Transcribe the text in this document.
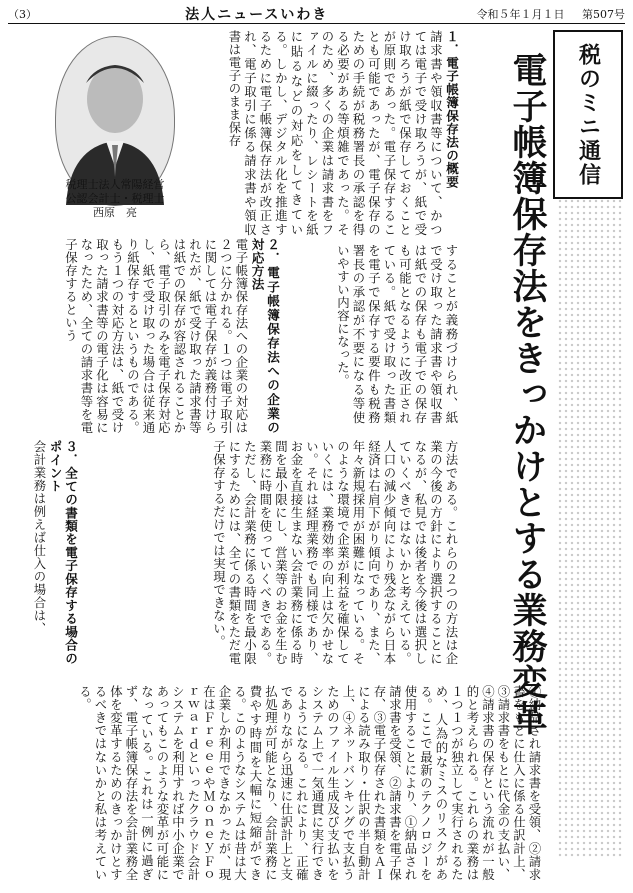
（3）	法人ニュースいわき	令和５年１月１日 第507号
税のミニ通信
電子帳簿保存法をきっかけとする業務変革
１．電子帳簿保存法の概要
請求書や領収書等について、かつては電子で受け取ろうが、紙で受け取ろうが紙で保存しておくことが原則であった。電子保存することも可能であったが、電子保存のための手続が税務署長の承認を得る必要がある等煩雑であった。そのため、多くの企業は請求書をファイルに綴ったり、レシートを紙に貼るなどの対応をしてきている。しかし、デジタル化を推進するために電子帳簿保存法が改正され、電子取引に係る請求書や領収書は電子のまま保存
することが義務づけられ、紙で受け取った請求書や領収書は紙での保存も電子での保存も可能となるように改正されている。紙で受け取った書類を電子で保存する要件も税務署長の承認が不要になる等使いやすい内容になった。
税理士法人常陽経営
公認会計士・税理士
西原　亮
２．電子帳簿保存法への企業の対応方法
電子帳簿保存法への企業の対応は２つに分かれる。１つは電子取引に関しては電子保存が義務付けられたが、紙で受け取った請求書等は紙での保存が容認されることから、電子取引のみを電子保存対応し、紙で受け取った場合は従来通り紙保存するというものである。もう１つの対応方法は、紙で受け取った請求書等の電子化は容易になったため、全ての請求書等を電子保存するという
方法である。これらの２つの方法は企業の今後の方針により選択することになるが、私見では後者を今後は選択していくべきではないかと考えている。人口の減少傾向により残念ながら日本経済は右肩下がり傾向であり、また、年々新規採用が困難になっている。そのような環境で企業が利益を確保していくには、業務効率の向上は欠かせない。それは経理業務でも同様であり、お金を直接生まない会計業務に係る時間を最小限にし、営業等のお金を生む業務に時間を使っていくべきである。ただし、会計業務に係る時間を最小限にするためには、全ての書類をただ電子保存するだけでは実現できない。
３．全ての書類を電子保存する場合のポイント
会計業務は例えば仕入の場合は、
①納品され請求書を受領、②請求書をもとに仕入に係る仕訳計上、③請求書をもとに代金の支払い、④請求書の保存という流れが一般的と考えられる。これらの業務は１つ１つが独立して実行されるため、人為的なミスのリスクがある。ここで最新のテクノロジーを使用することにより、①納品され請求書を受領、②請求書を電子保存、③電子保存された書類をＡＩによる読み取り・仕訳の半自動計上、④ネットバンキングで支払うためのファイル生成及び支払いをシステム上で一気通貫に実行できるようになる。これにより、正確でありながら迅速に仕訳計上と支払処理が可能となり、会計業務に費やす時間を大幅に短縮ができる。このようなシステムは昔は大企業しか利用できなかったが、現在はＦｒｅｅｅやＭｏｎｅｙＦｏｒｗａｒｄといったクラウド会計システムを利用すれば中小企業であってもこのような変革が可能になっている。これは一例に過ぎず、電子帳簿保存法を会計業務全体を変革するためのきっかけとするべきではないかと私は考えている。
